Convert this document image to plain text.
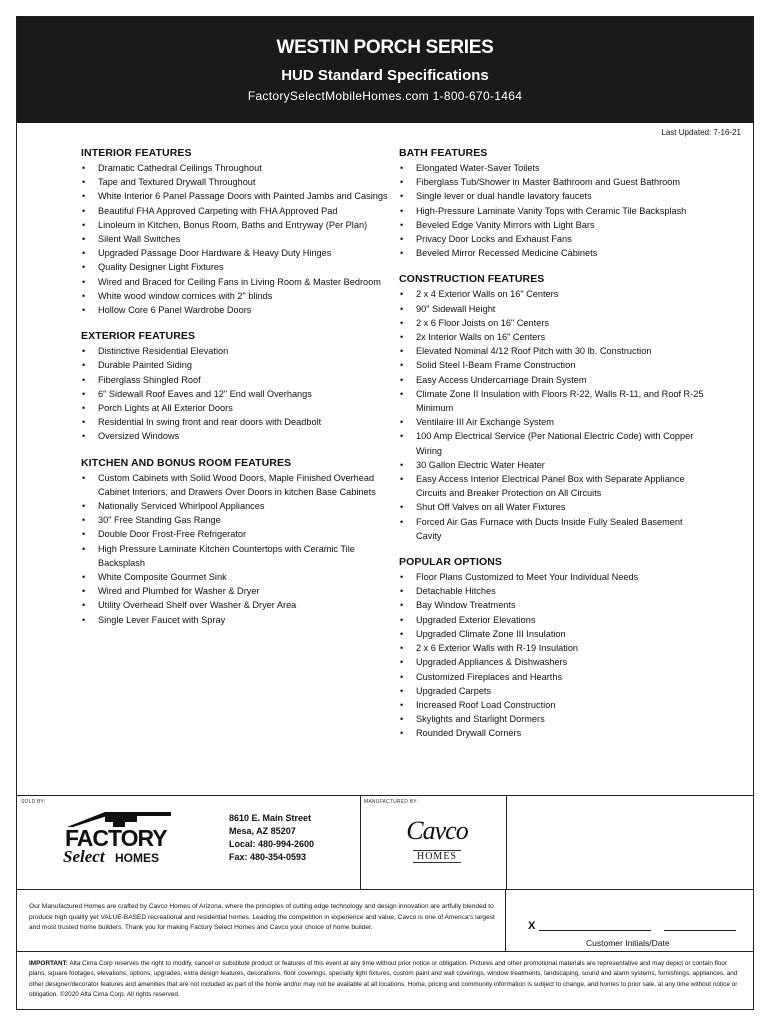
WESTIN PORCH SERIES
HUD Standard Specifications
FactorySelectMobileHomes.com 1-800-670-1464
Last Updated: 7-16-21
INTERIOR FEATURES
• Dramatic Cathedral Ceilings Throughout
• Tape and Textured Drywall Throughout
• White Interior 6 Panel Passage Doors with Painted Jambs and Casings
• Beautiful FHA Approved Carpeting with FHA Approved Pad
• Linoleum in Kitchen, Bonus Room, Baths and Entryway (Per Plan)
• Silent Wall Switches
• Upgraded Passage Door Hardware & Heavy Duty Hinges
• Quality Designer Light Fixtures
• Wired and Braced for Ceiling Fans in Living Room & Master Bedroom
• White wood window cornices with 2" blinds
• Hollow Core 6 Panel Wardrobe Doors
EXTERIOR FEATURES
• Distinctive Residential Elevation
• Durable Painted Siding
• Fiberglass Shingled Roof
• 6" Sidewall Roof Eaves and 12" End wall Overhangs
• Porch Lights at All Exterior Doors
• Residential In swing front and rear doors with Deadbolt
• Oversized Windows
KITCHEN AND BONUS ROOM FEATURES
• Custom Cabinets with Solid Wood Doors, Maple Finished Overhead Cabinet Interiors, and Drawers Over Doors in kitchen Base Cabinets
• Nationally Serviced Whirlpool Appliances
• 30" Free Standing Gas Range
• Double Door Frost-Free Refrigerator
• High Pressure Laminate Kitchen Countertops with Ceramic Tile Backsplash
• White Composite Gourmet Sink
• Wired and Plumbed for Washer & Dryer
• Utility Overhead Shelf over Washer & Dryer Area
• Single Lever Faucet with Spray
BATH FEATURES
• Elongated Water-Saver Toilets
• Fiberglass Tub/Shower in Master Bathroom and Guest Bathroom
• Single lever or dual handle lavatory faucets
• High-Pressure Laminate Vanity Tops with Ceramic Tile Backsplash
• Beveled Edge Vanity Mirrors with Light Bars
• Privacy Door Locks and Exhaust Fans
• Beveled Mirror Recessed Medicine Cabinets
CONSTRUCTION FEATURES
• 2 x 4 Exterior Walls on 16" Centers
• 90" Sidewall Height
• 2 x 6 Floor Joists on 16" Centers
• 2x Interior Walls on 16" Centers
• Elevated Nominal 4/12 Roof Pitch with 30 lb. Construction
• Solid Steel I-Beam Frame Construction
• Easy Access Undercarriage Drain System
• Climate Zone II Insulation with Floors R-22, Walls R-11, and Roof R-25 Minimum
• Ventilaire III Air Exchange System
• 100 Amp Electrical Service (Per National Electric Code) with Copper Wiring
• 30 Gallon Electric Water Heater
• Easy Access Interior Electrical Panel Box with Separate Appliance Circuits and Breaker Protection on All Circuits
• Shut Off Valves on all Water Fixtures
• Forced Air Gas Furnace with Ducts Inside Fully Sealed Basement Cavity
POPULAR OPTIONS
• Floor Plans Customized to Meet Your Individual Needs
• Detachable Hitches
• Bay Window Treatments
• Upgraded Exterior Elevations
• Upgraded Climate Zone III Insulation
• 2 x 6 Exterior Walls with R-19 Insulation
• Upgraded Appliances & Dishwashers
• Customized Fireplaces and Hearths
• Upgraded Carpets
• Increased Roof Load Construction
• Skylights and Starlight Dormers
• Rounded Drywall Corners
SOLD BY:	MANUFACTURED BY:
FACTORY
Select HOMES
8610 E. Main Street
Mesa, AZ 85207
Local: 480-994-2600
Fax: 480-354-0593
Cavco
HOMES
Our Manufactured Homes are crafted by Cavco Homes of Arizona, where the principles of cutting edge technology and design innovation are artfully blended to produce high quality yet VALUE-BASED recreational and residential homes. Leading the competition in experience and value, Cavco is one of America's largest and most trusted home builders. Thank you for making Factory Select Homes and Cavco your choice of home builder.	X
Customer Initials/Date
IMPORTANT: Alta Cima Corp reserves the right to modify, cancel or substitute product or features of this event at any time without prior notice or obligation. Pictures and other promotional materials are representative and may depict or contain floor plans, square footages, elevations, options, upgrades, extra design features, decorations, floor coverings, specialty light fixtures, custom paint and wall coverings, window treatments, landscaping, sound and alarm systems, furnishings, appliances, and other designer/decorator features and amenities that are not included as part of the home and/or may not be available at all locations. Home, pricing and community information is subject to change, and homes to prior sale, at any time without notice or obligation. ©2020 Alta Cima Corp. All rights reserved.
